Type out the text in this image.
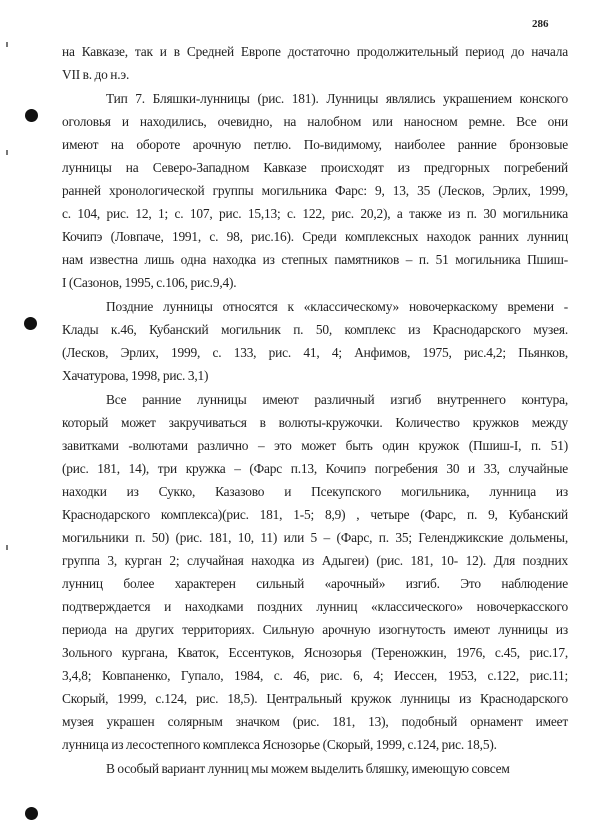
286
на Кавказе, так и в Средней Европе достаточно продолжительный период до начала
VII в. до н.э.
Тип 7. Бляшки-лунницы (рис. 181). Лунницы являлись украшением конского
оголовья и находились, очевидно, на налобном или наносном ремне. Все они
имеют на обороте арочную петлю. По-видимому, наиболее ранние бронзовые
лунницы на Северо-Западном Кавказе происходят из предгорных погребений
ранней хронологической группы могильника Фарс: 9, 13, 35 (Лесков, Эрлих, 1999,
с. 104, рис. 12, 1; с. 107, рис. 15,13; с. 122, рис. 20,2), а также из п. 30 могильника
Кочипэ (Ловпаче, 1991, с. 98, рис.16). Среди комплексных находок ранних лунниц
нам известна лишь одна находка из степных памятников – п. 51 могильника Пшиш-
I (Сазонов, 1995, с.106, рис.9,4).
Поздние лунницы относятся к «классическому» новочеркаскому времени -
Клады к.46, Кубанский могильник п. 50, комплекс из Краснодарского музея.
(Лесков, Эрлих, 1999, с. 133, рис. 41, 4; Анфимов, 1975, рис.4,2; Пьянков,
Хачатурова, 1998, рис. 3,1)
Все ранние лунницы имеют различный изгиб внутреннего контура,
который может закручиваться в волюты-кружочки. Количество кружков между
завитками -волютами различно – это может быть один кружок (Пшиш-I, п. 51)
(рис. 181, 14), три кружка – (Фарс п.13, Кочипэ погребения 30 и 33, случайные
находки из Сукко, Казазово и Псекупского могильника, лунница из
Краснодарского комплекса)(рис. 181, 1-5; 8,9) , четыре (Фарс, п. 9, Кубанский
могильники п. 50) (рис. 181, 10, 11) или 5 – (Фарс, п. 35; Геленджикские дольмены,
группа 3, курган 2; случайная находка из Адыгеи) (рис. 181, 10- 12). Для поздних
лунниц более характерен сильный «арочный» изгиб. Это наблюдение
подтверждается и находками поздних лунниц «классического» новочеркасского
периода на других территориях. Сильную арочную изогнутость имеют лунницы из
Зольного кургана, Кваток, Ессентуков, Яснозорья (Тереножкин, 1976, с.45, рис.17,
3,4,8; Ковпаненко, Гупало, 1984, с. 46, рис. 6, 4; Иессен, 1953, с.122, рис.11;
Скорый, 1999, с.124, рис. 18,5). Центральный кружок лунницы из Краснодарского
музея украшен солярным значком (рис. 181, 13), подобный орнамент имеет
лунница из лесостепного комплекса Яснозорье (Скорый, 1999, с.124, рис. 18,5).
В особый вариант лунниц мы можем выделить бляшку, имеющую совсем
